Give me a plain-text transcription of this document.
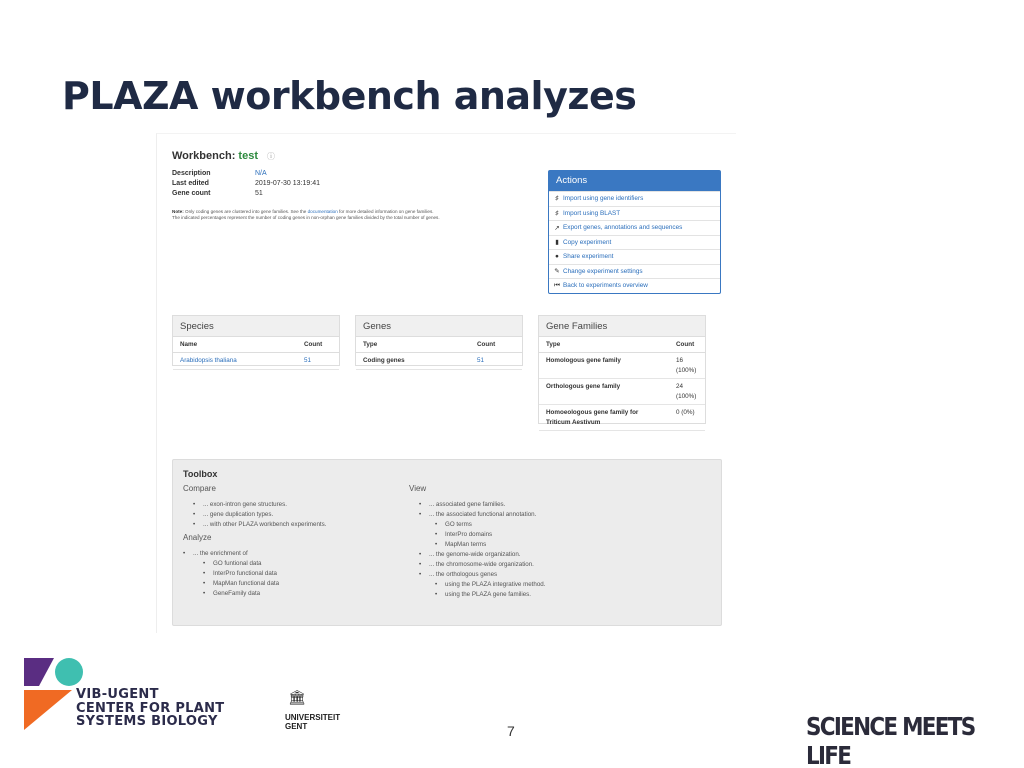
PLAZA workbench analyzes
Workbench: test ⓘ
Description	N/A
Last edited	2019-07-30 13:19:41
Gene count	51
Note: Only coding genes are clustered into gene families. See the documentation for more detailed information on gene families.
The indicated percentages represent the number of coding genes in non-orphan gene families divided by the total number of genes.
Actions
♯ Import using gene identifiers
♯ Import using BLAST
↗ Export genes, annotations and sequences
▮ Copy experiment
● Share experiment
✎ Change experiment settings
⏮ Back to experiments overview
Species
Name	Count
Arabidopsis thaliana	51
Genes
Type	Count
Coding genes	51
Gene Families
Type	Count
Homologous gene family	16
(100%)
Orthologous gene family	24
(100%)
Homoeologous gene family for Triticum Aestivum	0 (0%)
Toolbox
Compare
• ... exon-intron gene structures.
• ... gene duplication types.
• ... with other PLAZA workbench experiments.
Analyze
• ... the enrichment of
• GO funtional data
• InterPro functional data
• MapMan functional data
• GeneFamily data
View
• ... associated gene families.
• ... the associated functional annotation.
• GO terms
• InterPro domains
• MapMan terms
• ... the genome-wide organization.
• ... the chromosome-wide organization.
• ... the orthologous genes
• using the PLAZA integrative method.
• using the PLAZA gene families.
VIB-UGENT
CENTER FOR PLANT
SYSTEMS BIOLOGY
🏛
UNIVERSITEIT
GENT	7	SCIENCE MEETS LIFE
